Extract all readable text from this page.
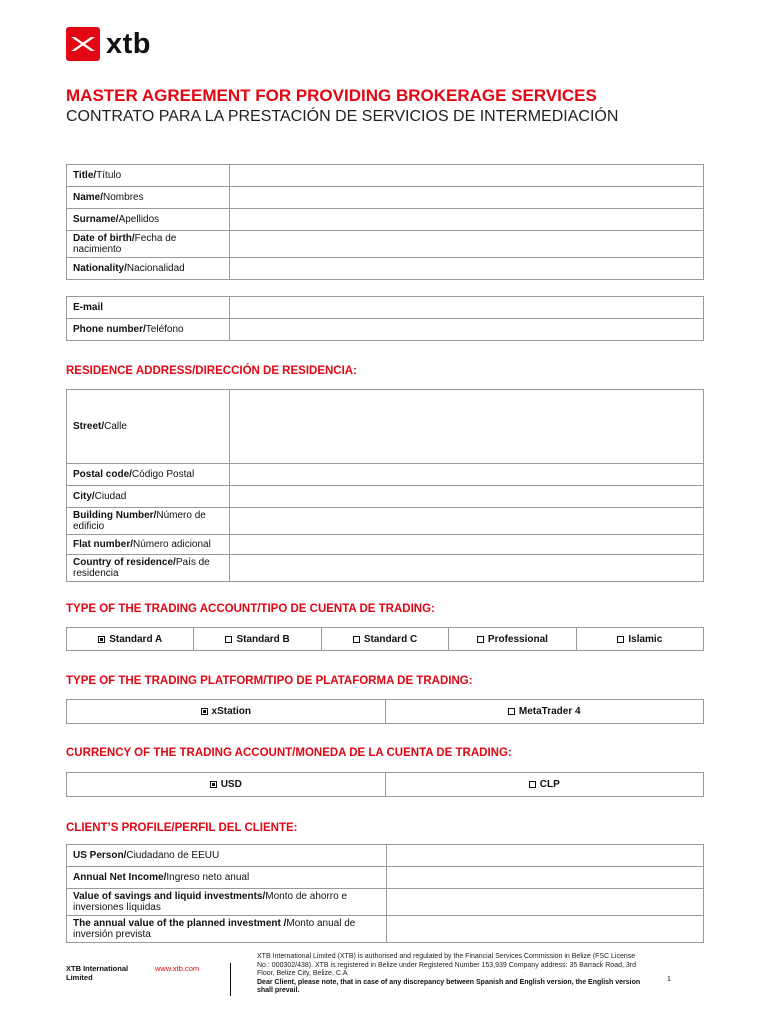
xtb
MASTER AGREEMENT FOR PROVIDING BROKERAGE SERVICES
CONTRATO PARA LA PRESTACIÓN DE SERVICIOS DE INTERMEDIACIÓN
Title/Título	
Name/Nombres	
Surname/Apellidos	
Date of birth/Fecha de nacimiento	
Nationality/Nacionalidad	
E-mail	
Phone number/Teléfono	
RESIDENCE ADDRESS/DIRECCIÓN DE RESIDENCIA:
Street/Calle	
Postal code/Código Postal	
City/Ciudad	
Building Number/Número de edificio	
Flat number/Número adicional	
Country of residence/País de residencia	
TYPE OF THE TRADING ACCOUNT/TIPO DE CUENTA DE TRADING:
Standard A	Standard B	Standard C	Professional	Islamic
TYPE OF THE TRADING PLATFORM/TIPO DE PLATAFORMA DE TRADING:
xStation	MetaTrader 4
CURRENCY OF THE TRADING ACCOUNT/MONEDA DE LA CUENTA DE TRADING:
USD	CLP
CLIENT’S PROFILE/PERFIL DEL CLIENTE:
US Person/Ciudadano de EEUU	
Annual Net Income/Ingreso neto anual	
Value of savings and liquid investments/Monto de ahorro e inversiones líquidas	
The annual value of the planned investment /Monto anual de inversión prevista	
XTB International Limited
www.xtb.com
XTB International Limited (XTB) is authorised and regulated by the Financial Services Commission in Belize (FSC License No.: 000302/438). XTB is registered in Belize under Registered Number 153,939 Company address: 35 Barrack Road, 3rd Floor, Belize City, Belize, C.A
Dear Client, please note, that in case of any discrepancy between Spanish and English version, the English version shall prevail.
1
